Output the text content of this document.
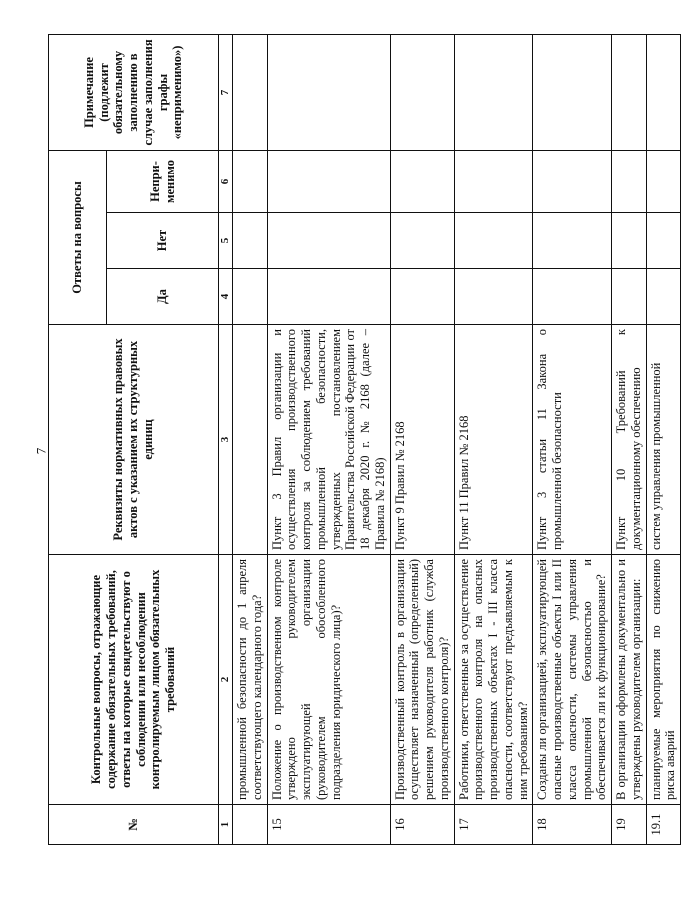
7
№	Контрольные вопросы, отражающие содержание обязательных требований, ответы на которые свидетельствуют о соблюдении или несоблюдении контролируемым лицом обязательных требований	Реквизиты нормативных правовых актов с указанием их структурных единиц	Ответы на вопросы			Примечание (подлежит обязательному заполнению в случае заполнения графы «неприменимо»)
			Да	Нет	Непри-менимо	
1	2	3	4	5	6	7
	промышленной безопасности до 1 апреля соответствующего календарного года?					
15	Положение о производственном контроле утверждено руководителем эксплуатирующей организации (руководителем обособленного подразделения юридического лица)?	Пункт 3 Правил организации и осуществления производственного контроля за соблюдением требований промышленной безопасности, утвержденных постановлением Правительства Российской Федерации от 18 декабря 2020 г. № 2168 (далее – Правила № 2168)				
16	Производственный контроль в организации осуществляет назначенный (определенный) решением руководителя работник (служба производственного контроля)?	Пункт 9 Правил № 2168				
17	Работники, ответственные за осуществление производственного контроля на опасных производственных объектах I - III класса опасности, соответствуют предъявляемым к ним требованиям?	Пункт 11 Правил № 2168				
18	Созданы ли организацией, эксплуатирующей опасные производственные объекты I или II класса опасности, системы управления промышленной безопасностью и обеспечивается ли их функционирование?	Пункт 3 статьи 11 Закона о промышленной безопасности				
19	В организации оформлены документально и утверждены руководителем организации:	Пункт 10 Требований к документационному обеспечению				
19.1	планируемые мероприятия по снижению риска аварий	систем управления промышленной				
